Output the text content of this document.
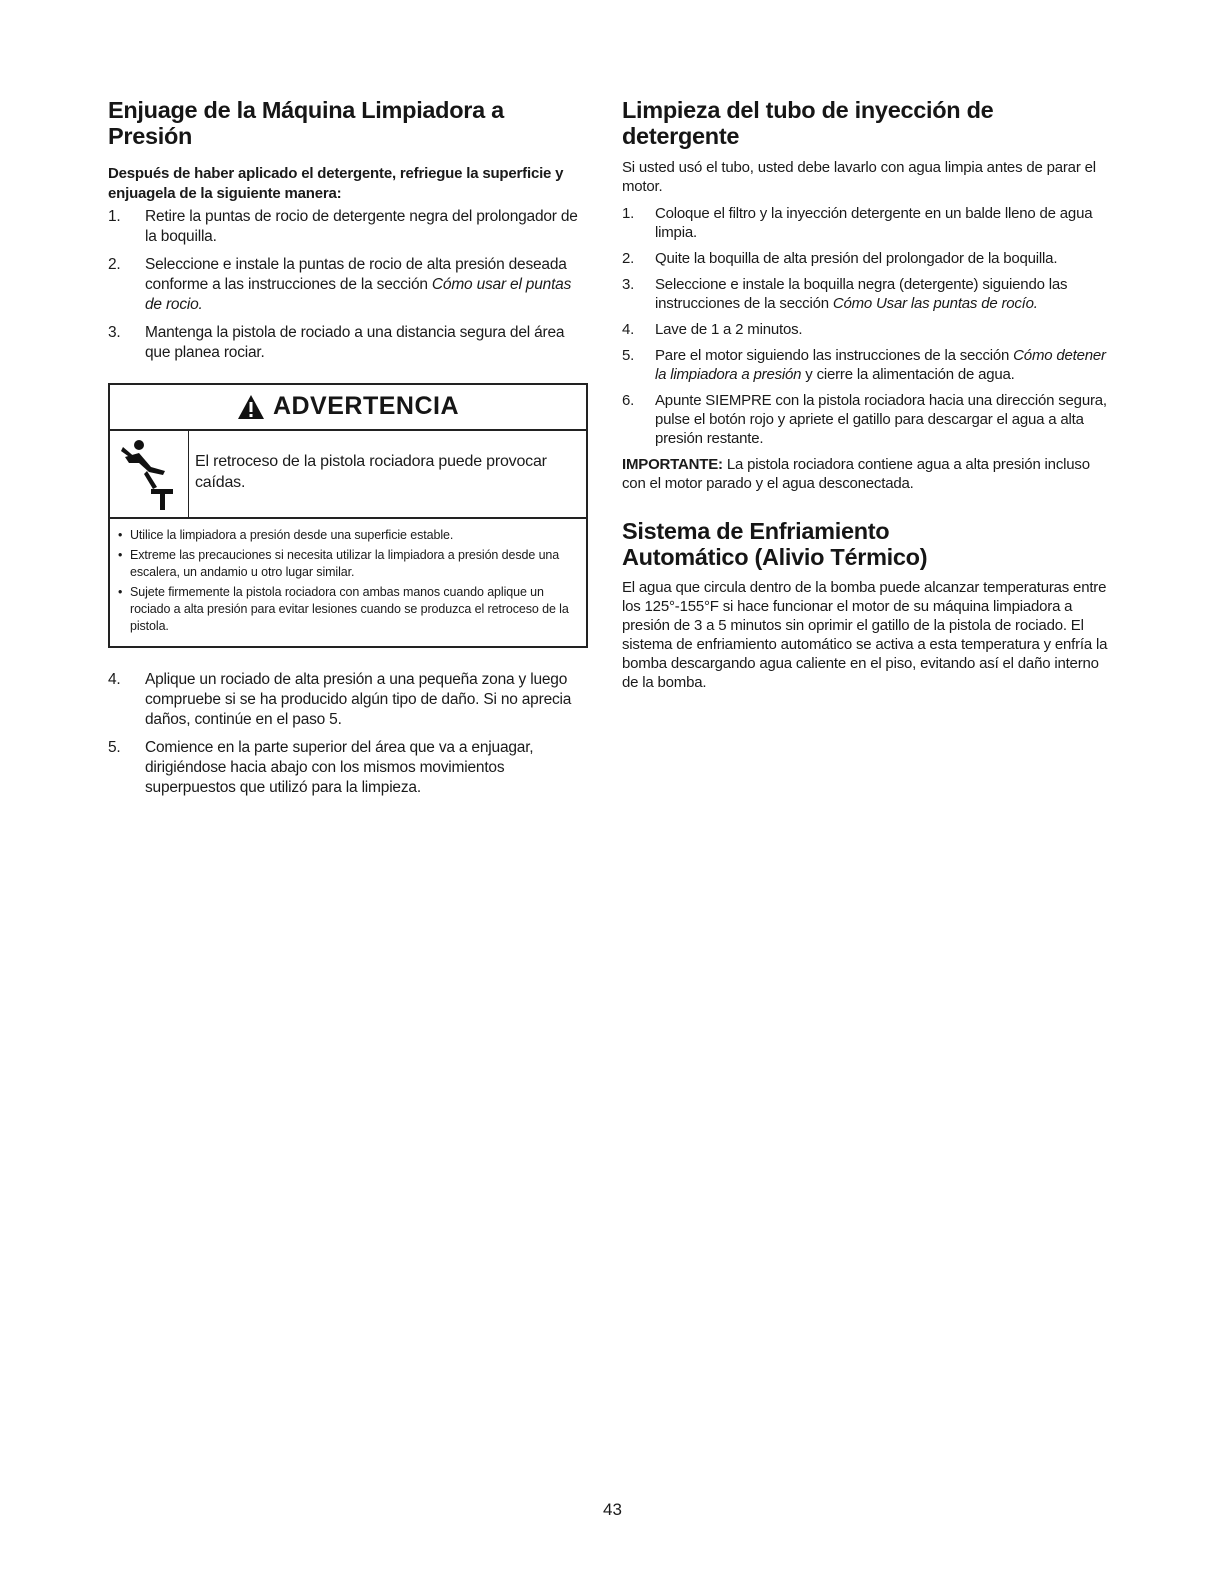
Enjuage de la Máquina Limpiadora a Presión
Después de haber aplicado el detergente, refriegue la superficie y enjuagela de la siguiente manera:
1. Retire la puntas de rocio de detergente negra del prolongador de la boquilla.
2. Seleccione e instale la puntas de rocio de alta presión deseada conforme a las instrucciones de la sección Cómo usar el puntas de rocio.
3. Mantenga la pistola de rociado a una distancia segura del área que planea rociar.
ADVERTENCIA
El retroceso de la pistola rociadora puede provocar caídas.
• Utilice la limpiadora a presión desde una superficie estable.
• Extreme las precauciones si necesita utilizar la limpiadora a presión desde una escalera, un andamio u otro lugar similar.
• Sujete firmemente la pistola rociadora con ambas manos cuando aplique un rociado a alta presión para evitar lesiones cuando se produzca el retroceso de la pistola.
4. Aplique un rociado de alta presión a una pequeña zona y luego compruebe si se ha producido algún tipo de daño. Si no aprecia daños, continúe en el paso 5.
5. Comience en la parte superior del área que va a enjuagar, dirigiéndose hacia abajo con los mismos movimientos superpuestos que utilizó para la limpieza.
Limpieza del tubo de inyección de detergente

Si usted usó el tubo, usted debe lavarlo con agua limpia antes de parar el motor.

1. Coloque el filtro y la inyección detergente en un balde lleno de agua limpia.
2. Quite la boquilla de alta presión del prolongador de la boquilla.
3. Seleccione e instale la boquilla negra (detergente) siguiendo las instrucciones de la sección Cómo Usar las puntas de rocío.
4. Lave de 1 a 2 minutos.
5. Pare el motor siguiendo las instrucciones de la sección Cómo detener la limpiadora a presión y cierre la alimentación de agua.
6. Apunte SIEMPRE con la pistola rociadora hacia una dirección segura, pulse el botón rojo y apriete el gatillo para descargar el agua a alta presión restante.

IMPORTANTE: La pistola rociadora contiene agua a alta presión incluso con el motor parado y el agua desconectada.

Sistema de Enfriamiento Automático (Alivio Térmico)

El agua que circula dentro de la bomba puede alcanzar temperaturas entre los 125°-155°F si hace funcionar el motor de su máquina limpiadora a presión de 3 a 5 minutos sin oprimir el gatillo de la pistola de rociado. El sistema de enfriamiento automático se activa a esta temperatura y enfría la bomba descargando agua caliente en el piso, evitando así el daño interno de la bomba.

43
